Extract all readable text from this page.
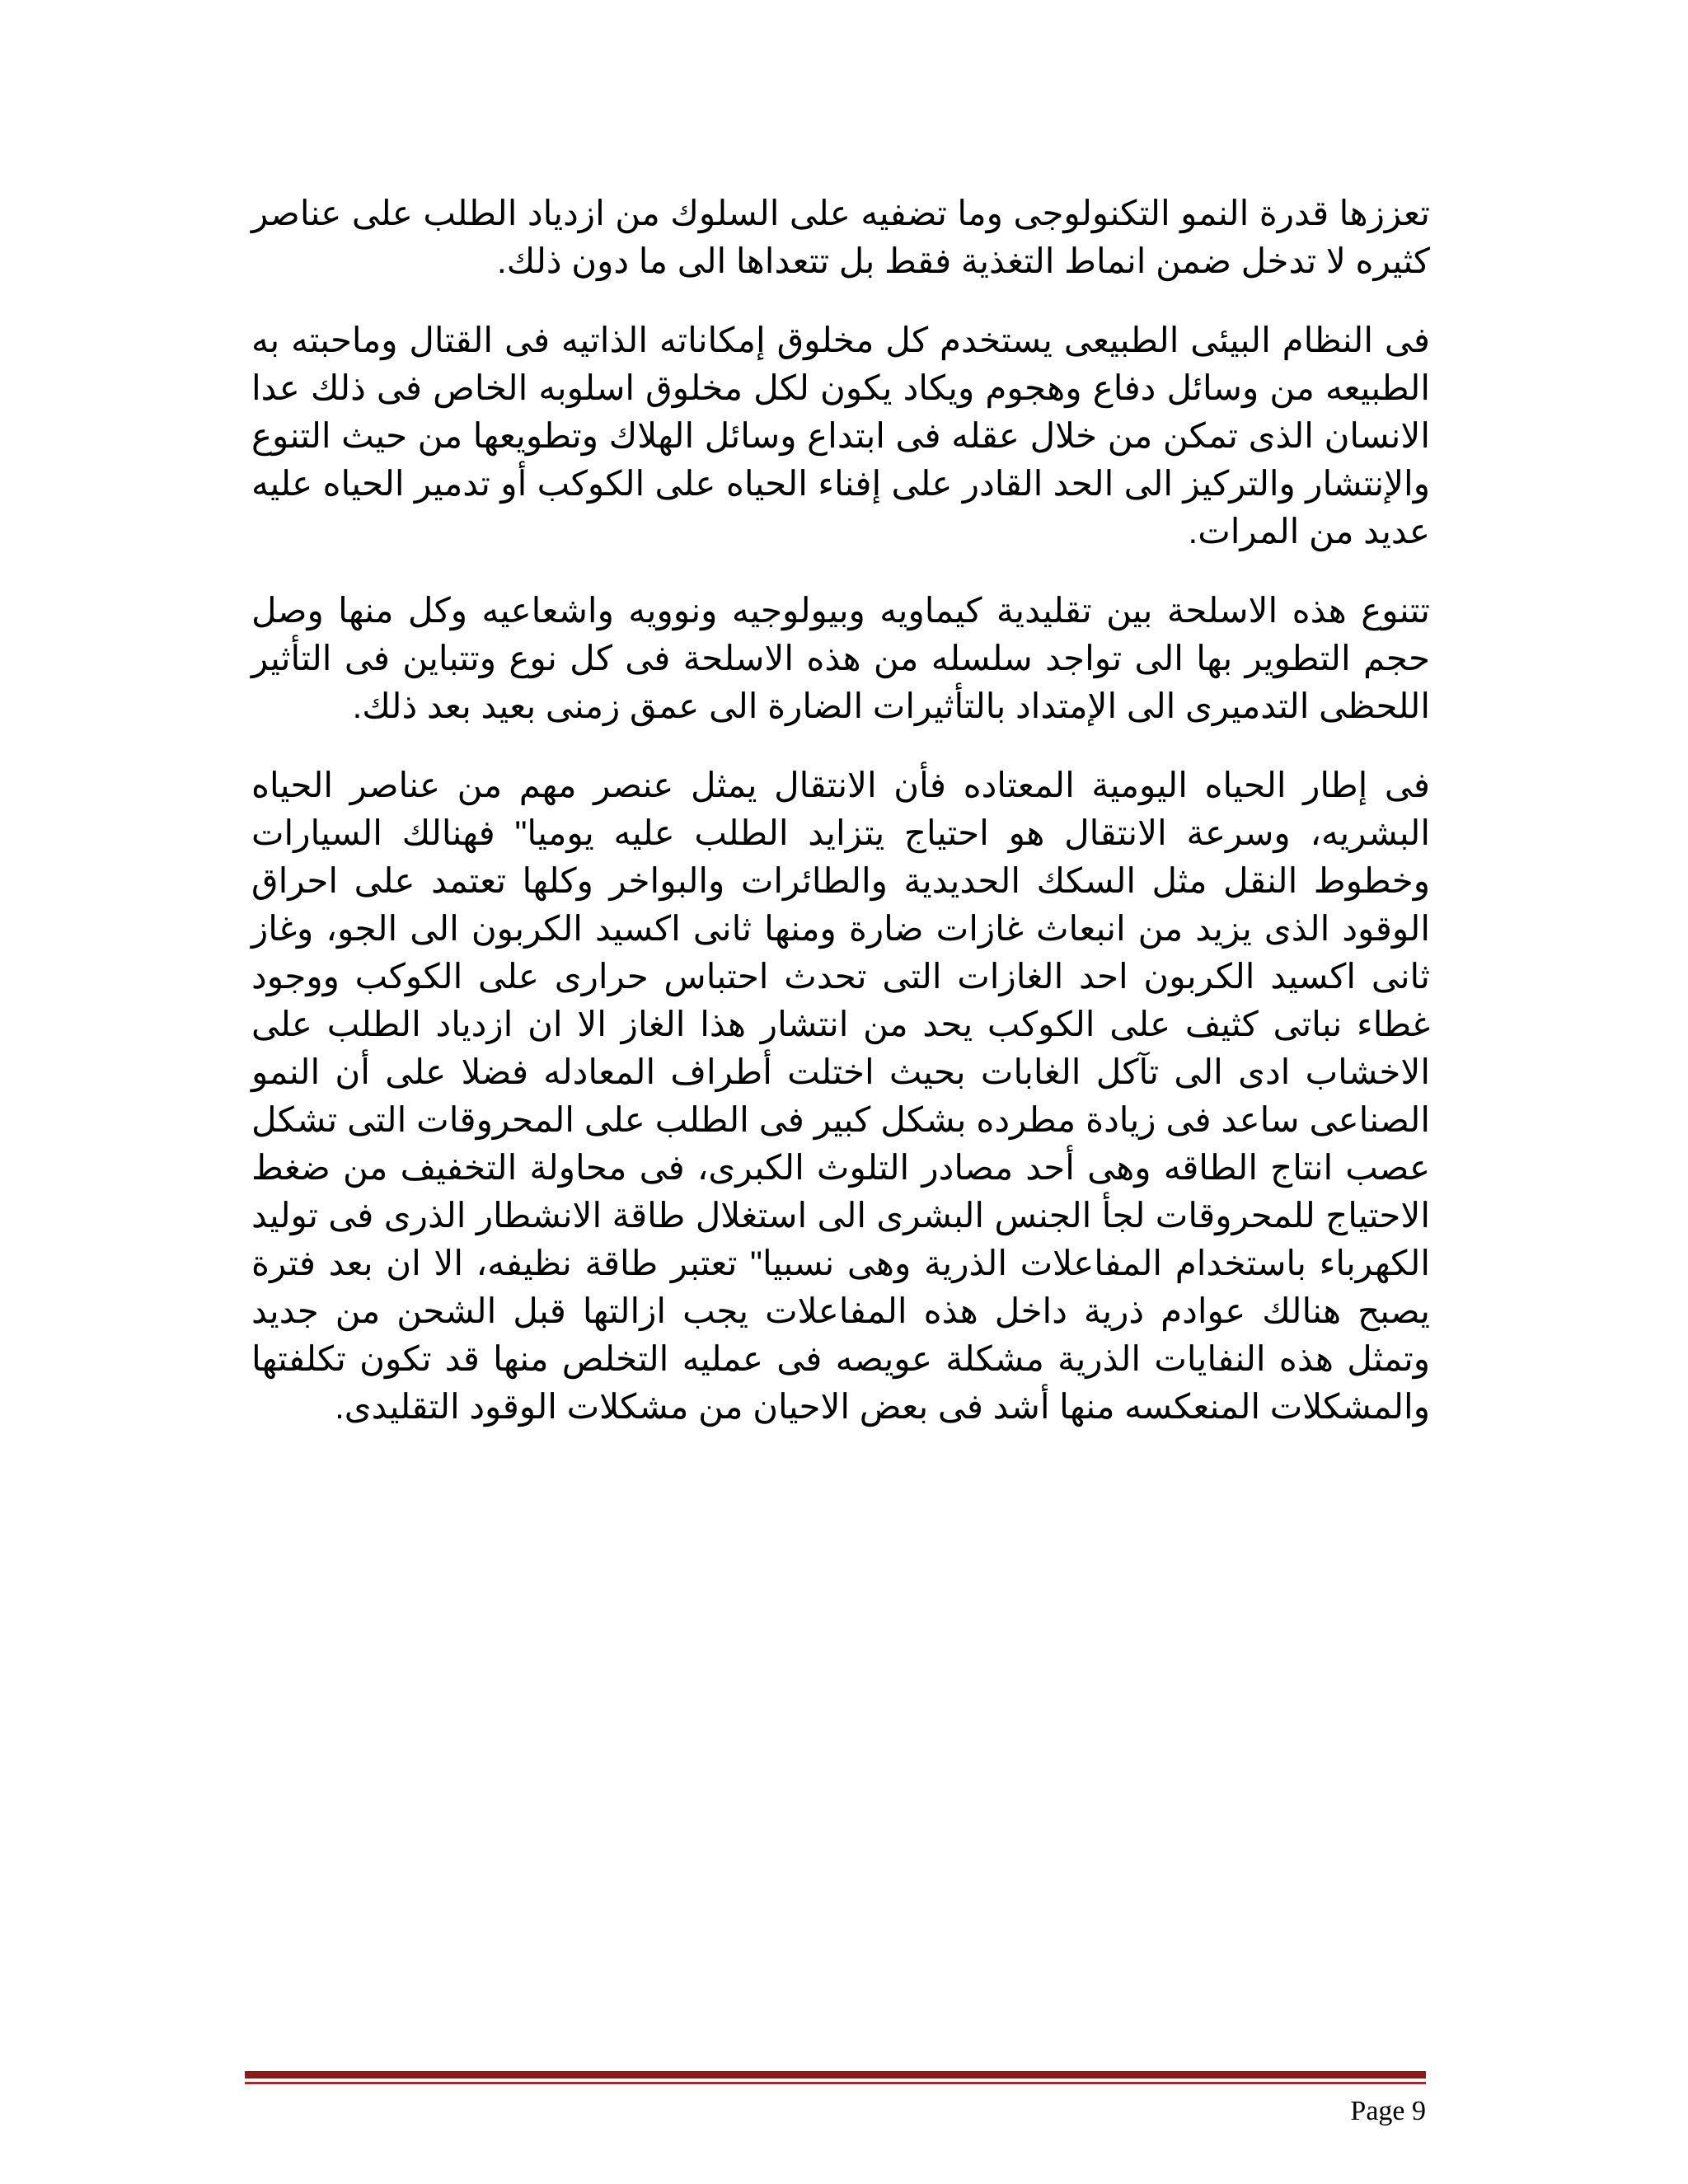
تعززها قدرة النمو التكنولوجى وما تضفيه على السلوك من ازدياد الطلب على عناصر كثيره لا تدخل ضمن انماط التغذية فقط بل تتعداها الى ما دون ذلك.

فى النظام البيئى الطبيعى يستخدم كل مخلوق إمكاناته الذاتيه فى القتال وماحبته به الطبيعه من وسائل دفاع وهجوم ويكاد يكون لكل مخلوق اسلوبه الخاص فى ذلك عدا الانسان الذى تمكن من خلال عقله فى ابتداع وسائل الهلاك وتطويعها من حيث التنوع والإنتشار والتركيز الى الحد القادر على إفناء الحياه على الكوكب أو تدمير الحياه عليه عديد من المرات.

تتنوع هذه الاسلحة بين تقليدية كيماويه وبيولوجيه ونوويه واشعاعيه وكل منها وصل حجم التطوير بها الى تواجد سلسله من هذه الاسلحة فى كل نوع وتتباين فى التأثير اللحظى التدميرى الى الإمتداد بالتأثيرات الضارة الى عمق زمنى بعيد بعد ذلك.

فى إطار الحياه اليومية المعتاده فأن الانتقال يمثل عنصر مهم من عناصر الحياه البشريه، وسرعة الانتقال هو احتياج يتزايد الطلب عليه يوميا" فهنالك السيارات وخطوط النقل مثل السكك الحديدية والطائرات والبواخر وكلها تعتمد على احراق الوقود الذى يزيد من انبعاث غازات ضارة ومنها ثانى اكسيد الكربون الى الجو، وغاز ثانى اكسيد الكربون احد الغازات التى تحدث احتباس حرارى على الكوكب ووجود غطاء نباتى كثيف على الكوكب يحد من انتشار هذا الغاز الا ان ازدياد الطلب على الاخشاب ادى الى تآكل الغابات بحيث اختلت أطراف المعادله فضلا على أن النمو الصناعى ساعد فى زيادة مطرده بشكل كبير فى الطلب على المحروقات التى تشكل عصب انتاج الطاقه وهى أحد مصادر التلوث الكبرى، فى محاولة التخفيف من ضغط الاحتياج للمحروقات لجأ الجنس البشرى الى استغلال طاقة الانشطار الذرى فى توليد الكهرباء باستخدام المفاعلات الذرية وهى نسبيا" تعتبر طاقة نظيفه، الا ان بعد فترة يصبح هنالك عوادم ذرية داخل هذه المفاعلات يجب ازالتها قبل الشحن من جديد وتمثل هذه النفايات الذرية مشكلة عويصه فى عمليه التخلص منها قد تكون تكلفتها والمشكلات المنعكسه منها أشد فى بعض الاحيان من مشكلات الوقود التقليدى.

Page 9
